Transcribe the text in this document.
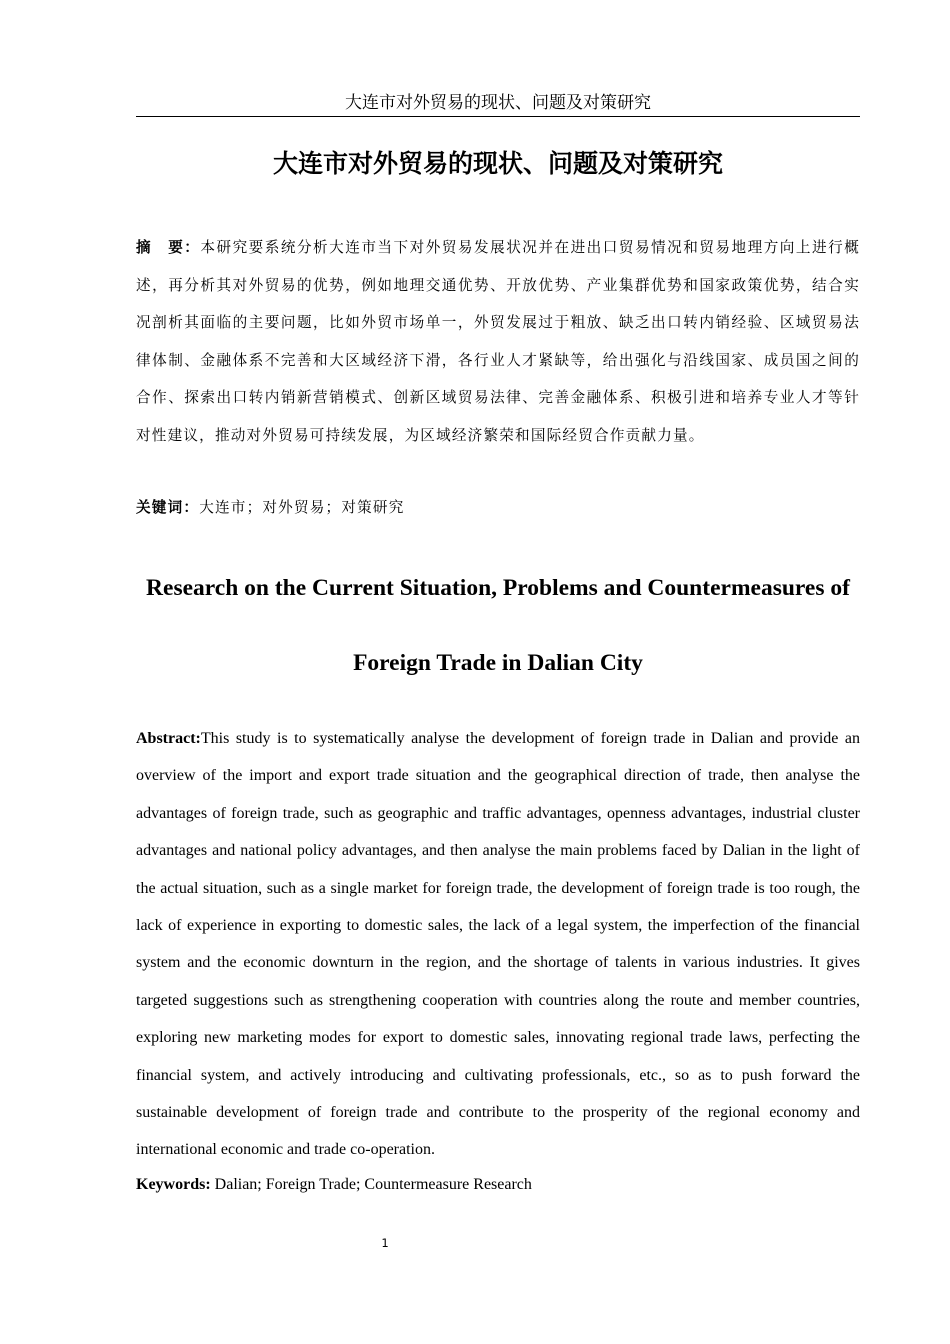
大连市对外贸易的现状、问题及对策研究
大连市对外贸易的现状、问题及对策研究

摘　要：本研究要系统分析大连市当下对外贸易发展状况并在进出口贸易情况和贸易地理方向上进行概述，再分析其对外贸易的优势，例如地理交通优势、开放优势、产业集群优势和国家政策优势，结合实况剖析其面临的主要问题，比如外贸市场单一，外贸发展过于粗放、缺乏出口转内销经验、区域贸易法律体制、金融体系不完善和大区域经济下滑，各行业人才紧缺等，给出强化与沿线国家、成员国之间的合作、探索出口转内销新营销模式、创新区域贸易法律、完善金融体系、积极引进和培养专业人才等针对性建议，推动对外贸易可持续发展，为区域经济繁荣和国际经贸合作贡献力量。

关键词：大连市；对外贸易；对策研究
Research on the Current Situation, Problems and Countermeasures of
Foreign Trade in Dalian City

Abstract:This study is to systematically analyse the development of foreign trade in Dalian and provide an overview of the import and export trade situation and the geographical direction of trade, then analyse the advantages of foreign trade, such as geographic and traffic advantages, openness advantages, industrial cluster advantages and national policy advantages, and then analyse the main problems faced by Dalian in the light of the actual situation, such as a single market for foreign trade, the development of foreign trade is too rough, the lack of experience in exporting to domestic sales, the lack of a legal system, the imperfection of the financial system and the economic downturn in the region, and the shortage of talents in various industries. It gives targeted suggestions such as strengthening cooperation with countries along the route and member countries, exploring new marketing modes for export to domestic sales, innovating regional trade laws, perfecting the financial system, and actively introducing and cultivating professionals, etc., so as to push forward the sustainable development of foreign trade and contribute to the prosperity of the regional economy and international economic and trade co-operation.

Keywords: Dalian; Foreign Trade; Countermeasure Research
1
